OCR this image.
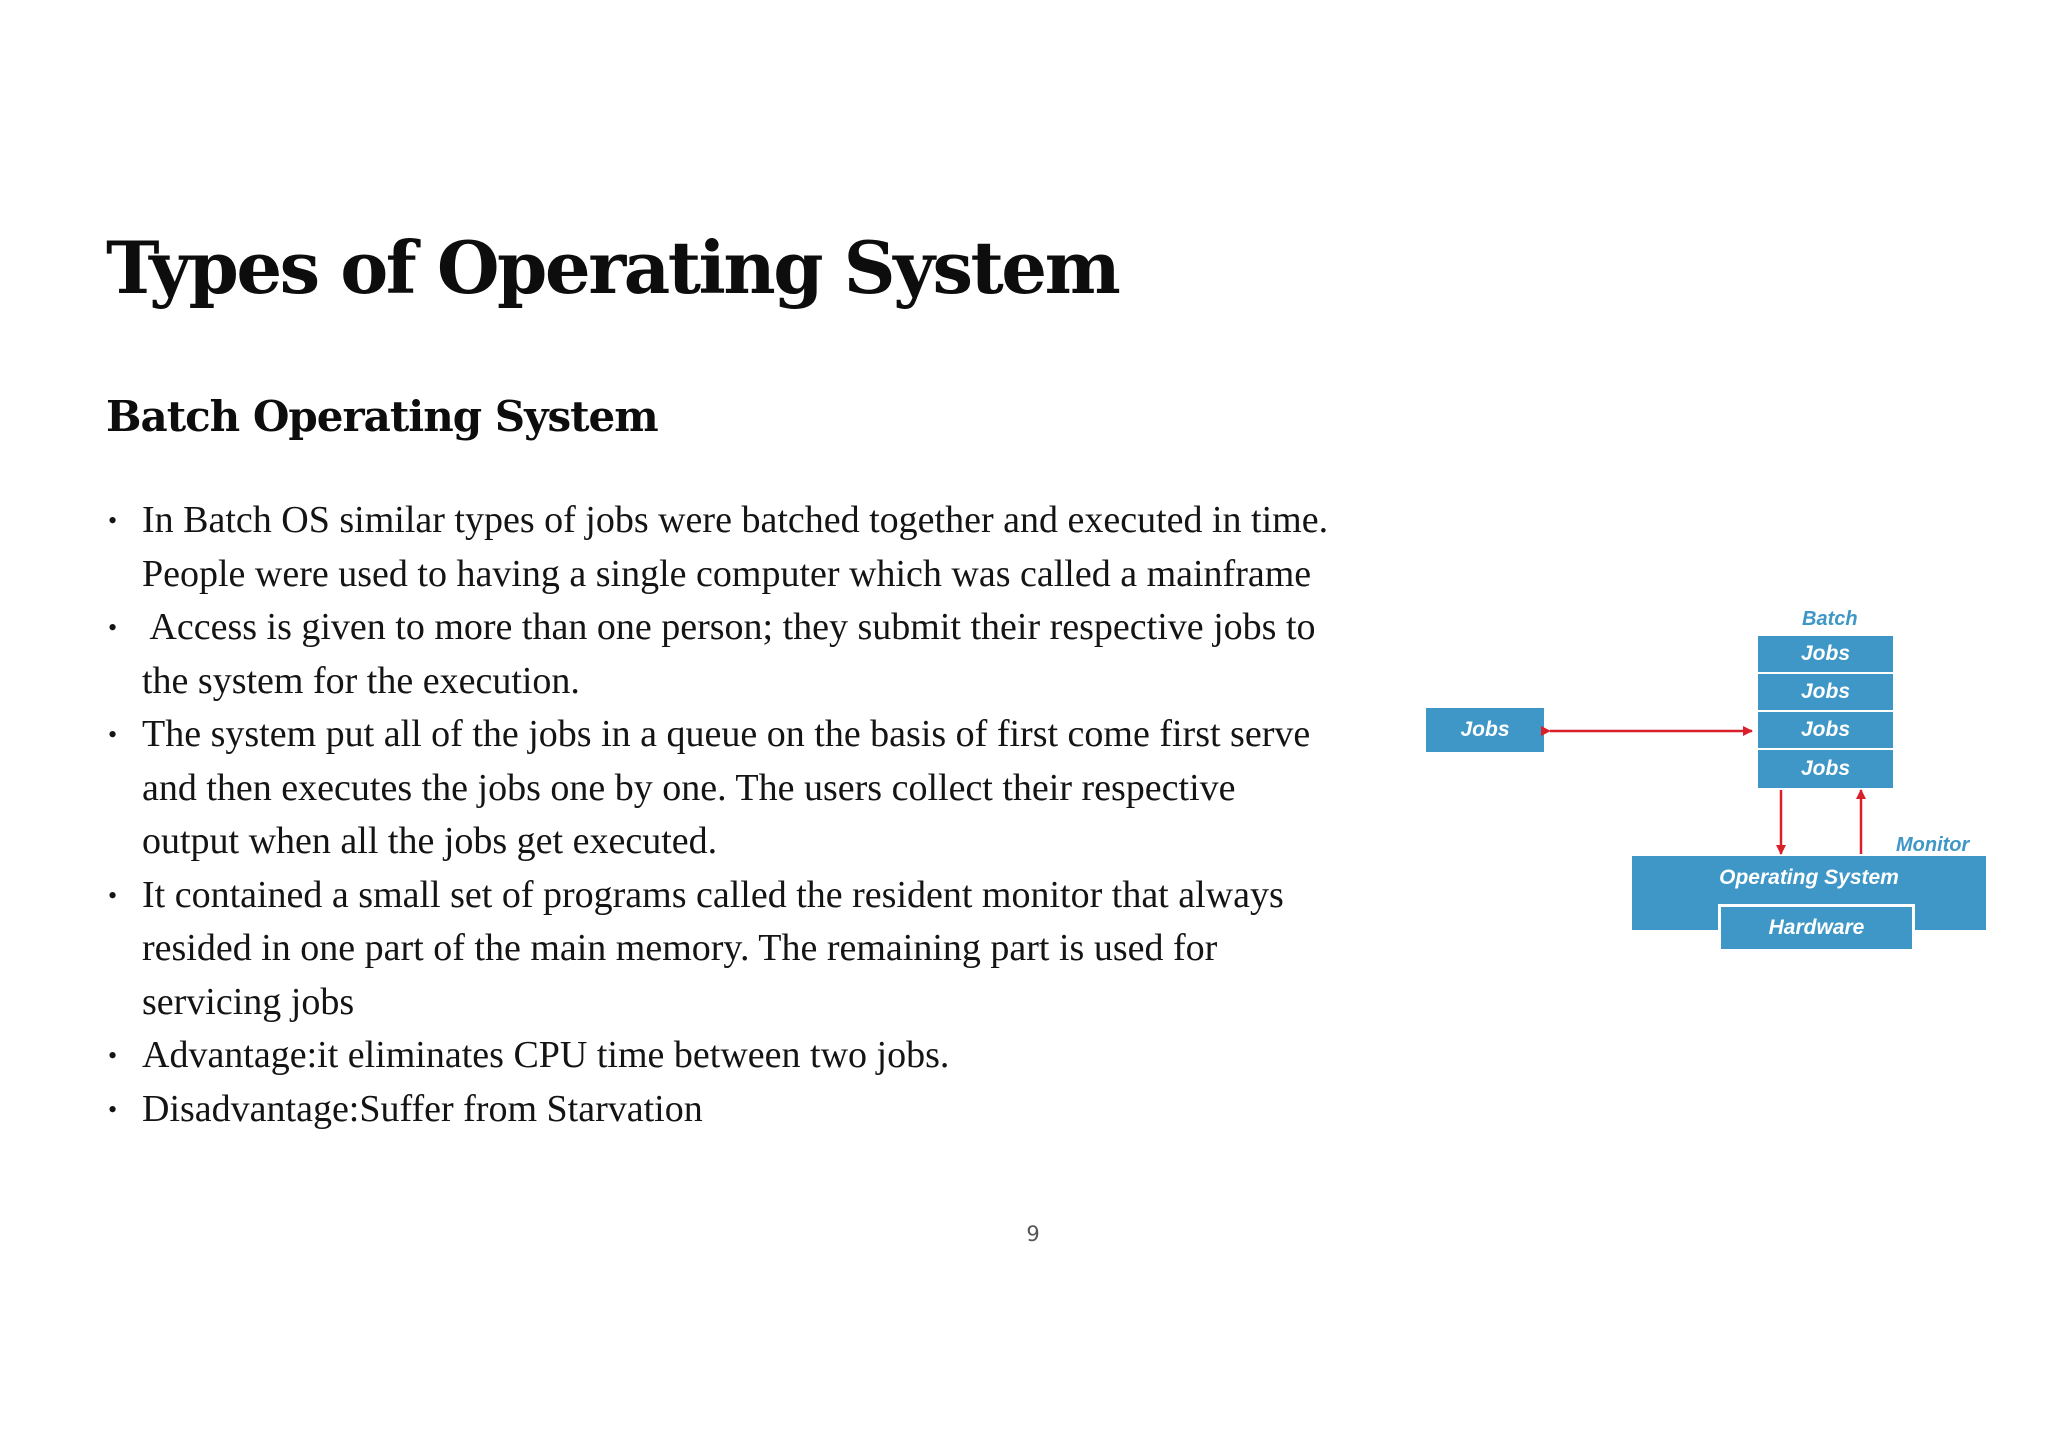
Types of Operating System
Batch Operating System
• In Batch OS similar types of jobs were batched together and executed in time.
People were used to having a single computer which was called a mainframe
• Access is given to more than one person; they submit their respective jobs to
the system for the execution.
• The system put all of the jobs in a queue on the basis of first come first serve
and then executes the jobs one by one. The users collect their respective
output when all the jobs get executed.
• It contained a small set of programs called the resident monitor that always
resided in one part of the main memory. The remaining part is used for
servicing jobs
• Advantage:it eliminates CPU time between two jobs.
• Disadvantage:Suffer from Starvation
9
Batch
Jobs
Jobs
Jobs
Jobs
Jobs
Monitor
Operating System
Hardware
